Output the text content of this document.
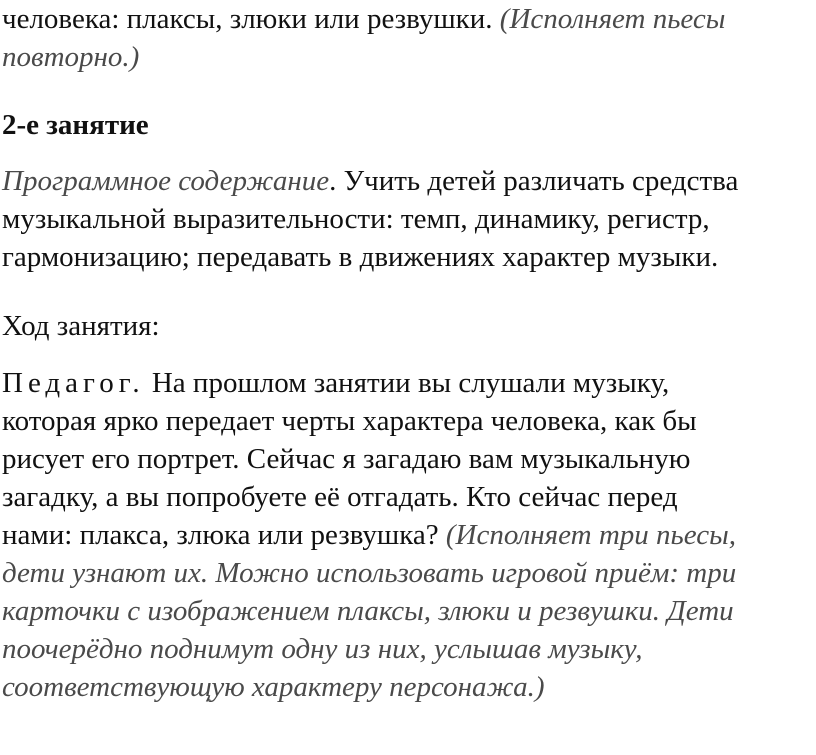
человека: плаксы, злюки или резвушки. (Исполняет пьесы
повторно.)

2-е занятие

Программное содержание. Учить детей различать средства
музыкальной выразительности: темп, динамику, регистр,
гармонизацию; передавать в движениях характер музыки.

Ход занятия:

Педагог. На прошлом занятии вы слушали музыку,
которая ярко передает черты характера человека, как бы
рисует его портрет. Сейчас я загадаю вам музыкальную
загадку, а вы попробуете её отгадать. Кто сейчас перед
нами: плакса, злюка или резвушка? (Исполняет три пьесы,
дети узнают их. Можно использовать игровой приём: три
карточки с изображением плаксы, злюки и резвушки. Дети
поочерёдно поднимут одну из них, услышав музыку,
соответствующую характеру персонажа.)
